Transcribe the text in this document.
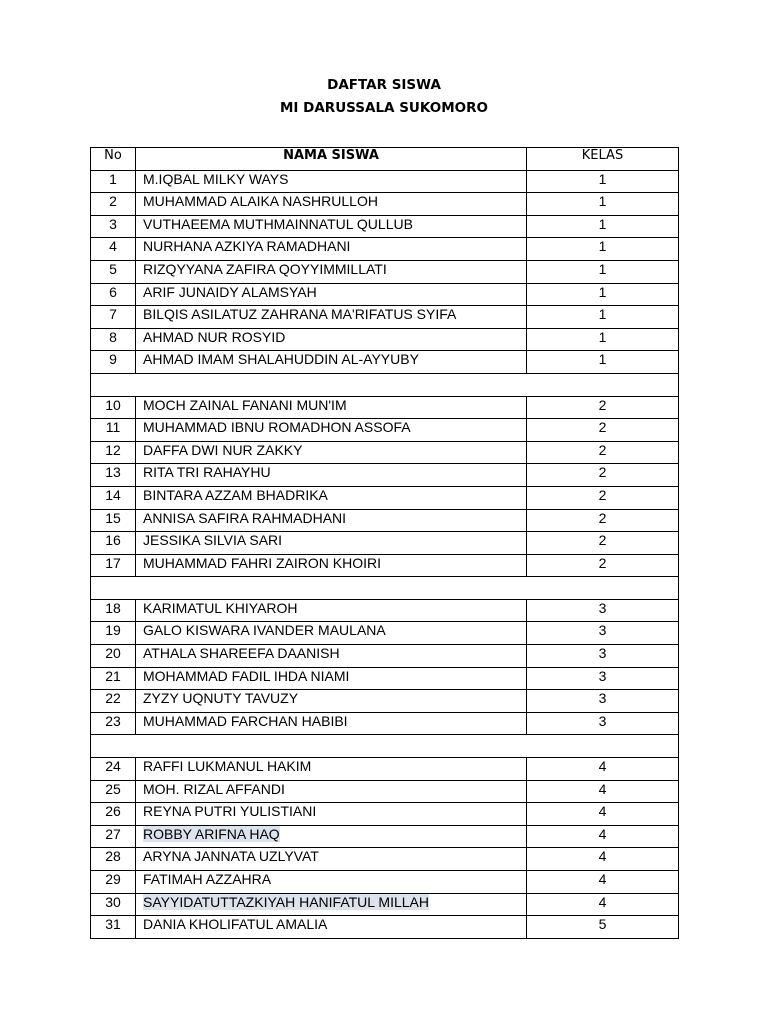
DAFTAR SISWA
MI DARUSSALA SUKOMORO
No	NAMA SISWA	KELAS
1	M.IQBAL MILKY WAYS	1
2	MUHAMMAD ALAIKA NASHRULLOH	1
3	VUTHAEEMA MUTHMAINNATUL QULLUB	1
4	NURHANA AZKIYA RAMADHANI	1
5	RIZQYYANA ZAFIRA QOYYIMMILLATI	1
6	ARIF JUNAIDY ALAMSYAH	1
7	BILQIS ASILATUZ ZAHRANA MA'RIFATUS SYIFA	1
8	AHMAD NUR ROSYID	1
9	AHMAD IMAM SHALAHUDDIN AL-AYYUBY	1

10	MOCH ZAINAL FANANI MUN'IM	2
11	MUHAMMAD IBNU ROMADHON ASSOFA	2
12	DAFFA DWI NUR ZAKKY	2
13	RITA TRI RAHAYHU	2
14	BINTARA AZZAM BHADRIKA	2
15	ANNISA SAFIRA RAHMADHANI	2
16	JESSIKA SILVIA SARI	2
17	MUHAMMAD FAHRI ZAIRON KHOIRI	2

18	KARIMATUL KHIYAROH	3
19	GALO KISWARA IVANDER MAULANA	3
20	ATHALA SHAREEFA DAANISH	3
21	MOHAMMAD FADIL IHDA NIAMI	3
22	ZYZY UQNUTY TAVUZY	3
23	MUHAMMAD FARCHAN HABIBI	3

24	RAFFI LUKMANUL HAKIM	4
25	MOH. RIZAL AFFANDI	4
26	REYNA PUTRI YULISTIANI	4
27	ROBBY ARIFNA HAQ	4
28	ARYNA JANNATA UZLYVAT	4
29	FATIMAH AZZAHRA	4
30	SAYYIDATUTTAZKIYAH HANIFATUL MILLAH	4
31	DANIA KHOLIFATUL AMALIA	5
